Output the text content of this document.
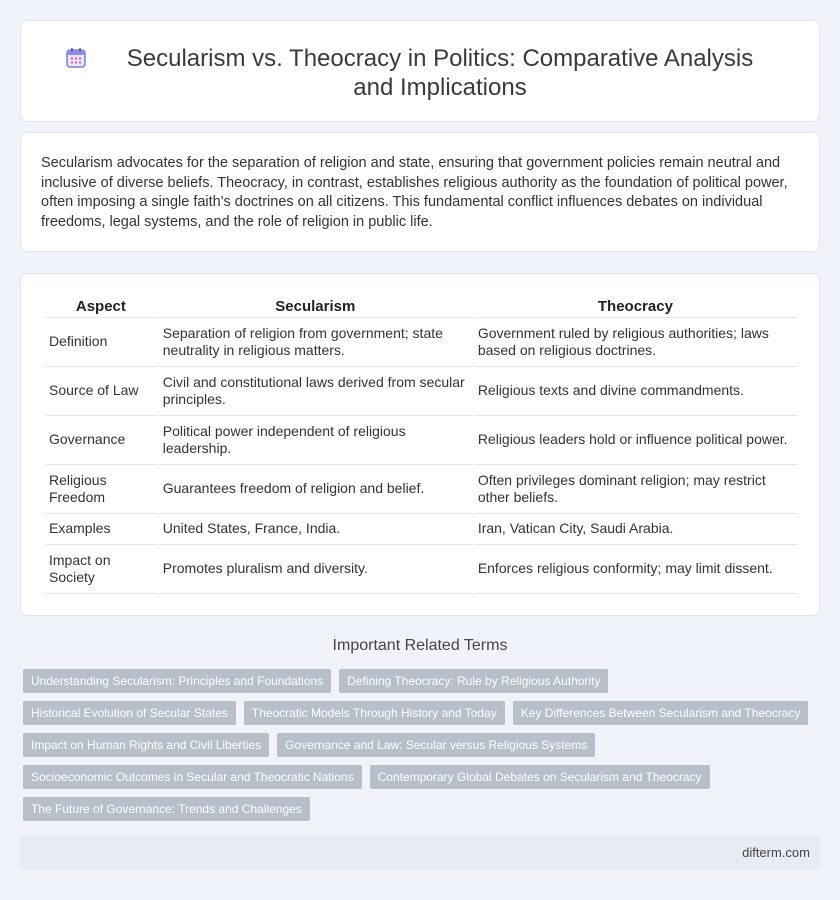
Secularism vs. Theocracy in Politics: Comparative Analysis and Implications

Secularism advocates for the separation of religion and state, ensuring that government policies remain neutral and inclusive of diverse beliefs. Theocracy, in contrast, establishes religious authority as the foundation of political power, often imposing a single faith's doctrines on all citizens. This fundamental conflict influences debates on individual freedoms, legal systems, and the role of religion in public life.

Aspect	Secularism	Theocracy
Definition	Separation of religion from government; state neutrality in religious matters.	Government ruled by religious authorities; laws based on religious doctrines.
Source of Law	Civil and constitutional laws derived from secular principles.	Religious texts and divine commandments.
Governance	Political power independent of religious leadership.	Religious leaders hold or influence political power.
Religious Freedom	Guarantees freedom of religion and belief.	Often privileges dominant religion; may restrict other beliefs.
Examples	United States, France, India.	Iran, Vatican City, Saudi Arabia.
Impact on Society	Promotes pluralism and diversity.	Enforces religious conformity; may limit dissent.
Important Related Terms
Understanding Secularism: Principles and Foundations	Defining Theocracy: Rule by Religious Authority
Historical Evolution of Secular States	Theocratic Models Through History and Today	Key Differences Between Secularism and Theocracy
Impact on Human Rights and Civil Liberties	Governance and Law: Secular versus Religious Systems
Socioeconomic Outcomes in Secular and Theocratic Nations	Contemporary Global Debates on Secularism and Theocracy
The Future of Governance: Trends and Challenges
difterm.com
